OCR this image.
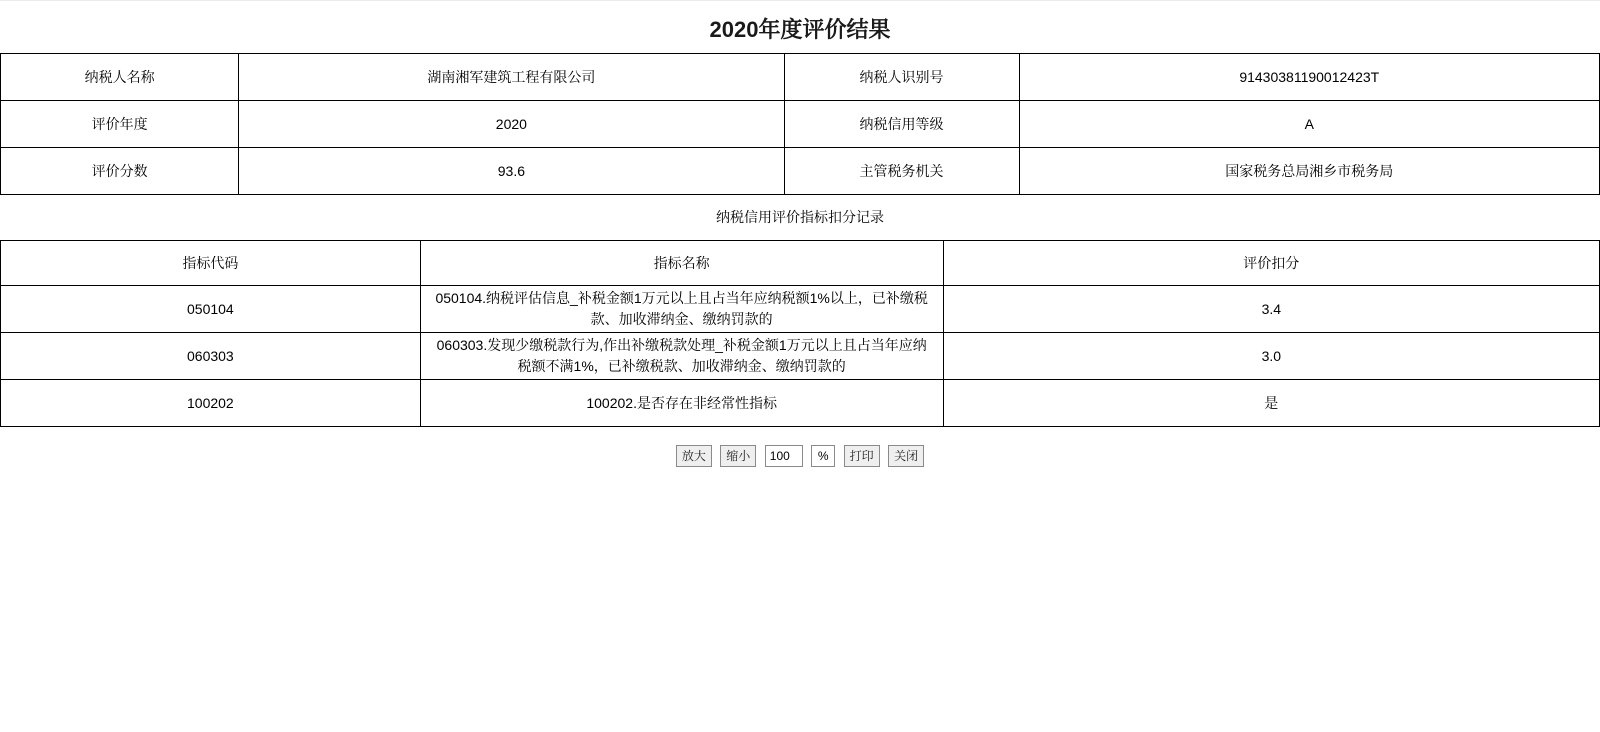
2020年度评价结果
纳税人名称	湖南湘军建筑工程有限公司	纳税人识别号	91430381190012423T
评价年度	2020	纳税信用等级	A
评价分数	93.6	主管税务机关	国家税务总局湘乡市税务局
纳税信用评价指标扣分记录
指标代码	指标名称	评价扣分
050104	050104.纳税评估信息_补税金额1万元以上且占当年应纳税额1%以上，已补缴税款、加收滞纳金、缴纳罚款的	3.4
060303	060303.发现少缴税款行为,作出补缴税款处理_补税金额1万元以上且占当年应纳税额不满1%，已补缴税款、加收滞纳金、缴纳罚款的	3.0
100202	100202.是否存在非经常性指标	是
放大 缩小 100	% 打印 关闭
